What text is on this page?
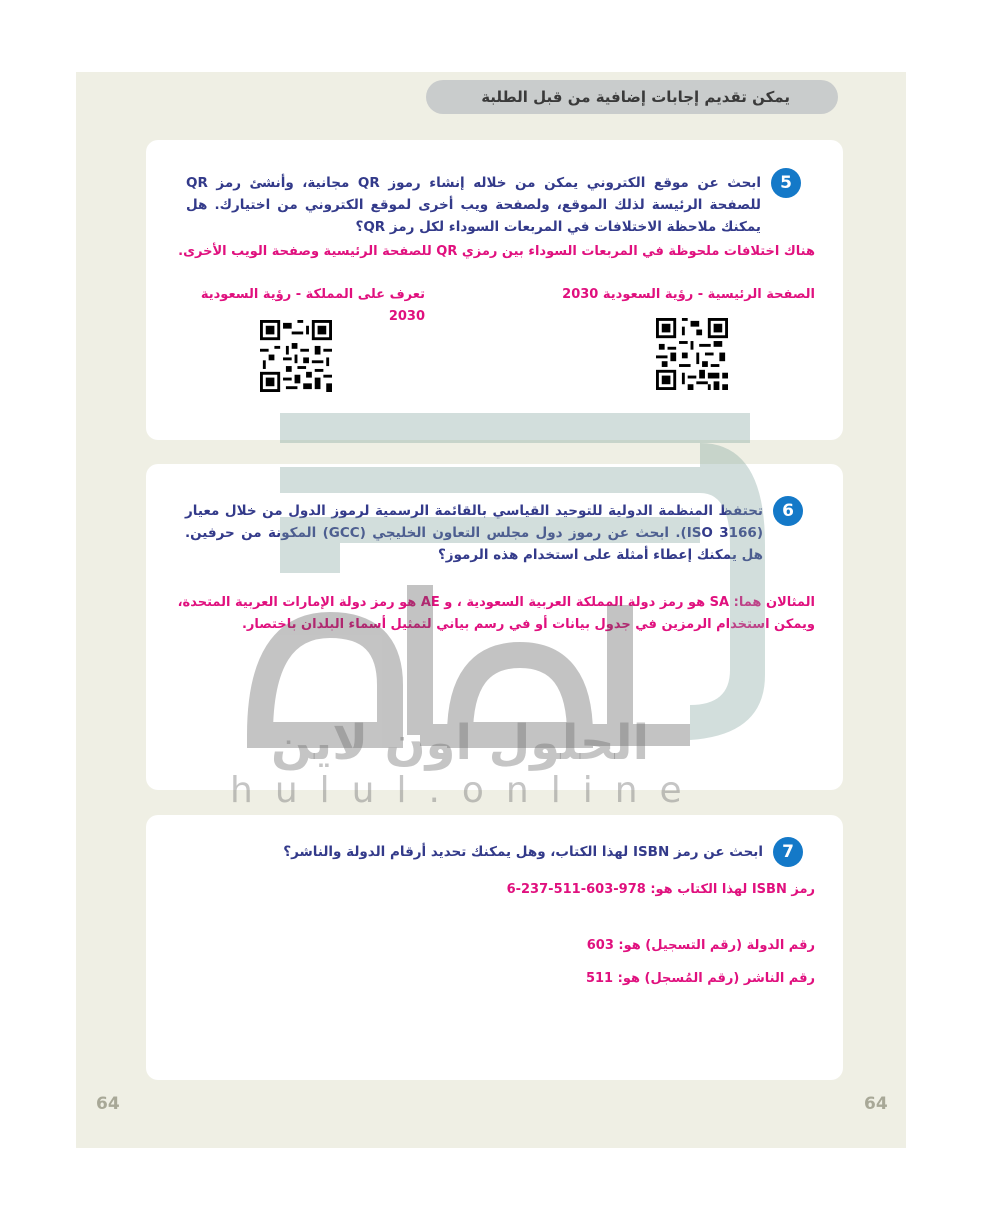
يمكن تقديم إجابات إضافية من قبل الطلبة
5
ابحث عن موقع الكتروني يمكن من خلاله إنشاء رموز QR مجانية، وأنشئ رمز QR للصفحة الرئيسة لذلك الموقع، ولصفحة ويب أخرى لموقع الكتروني من اختيارك. هل يمكنك ملاحظة الاختلافات في المربعات السوداء لكل رمز QR؟
هناك اختلافات ملحوظة في المربعات السوداء بين رمزي QR للصفحة الرئيسية وصفحة الويب الأخرى.
الصفحة الرئيسية - رؤية السعودية 2030
تعرف على المملكة - رؤية السعودية 2030
6
تحتفظ المنظمة الدولية للتوحيد القياسي بالقائمة الرسمية لرموز الدول من خلال معيار (ISO 3166). ابحث عن رموز دول مجلس التعاون الخليجي (GCC) المكونة من حرفين. هل يمكنك إعطاء أمثلة على استخدام هذه الرموز؟
المثالان هما: SA هو رمز دولة المملكة العربية السعودية ، و AE هو رمز دولة الإمارات العربية المتحدة، ويمكن استخدام الرمزين في جدول بيانات أو في رسم بياني لتمثيل أسماء البلدان باختصار.
7
ابحث عن رمز ISBN لهذا الكتاب، وهل يمكنك تحديد أرقام الدولة والناشر؟
رمز ISBN لهذا الكتاب هو: 978-603-511-237-6
رقم الدولة (رقم التسجيل) هو: 603
رقم الناشر (رقم المُسجل) هو: 511
الحلول اون لاين
hulul.online
64	64
